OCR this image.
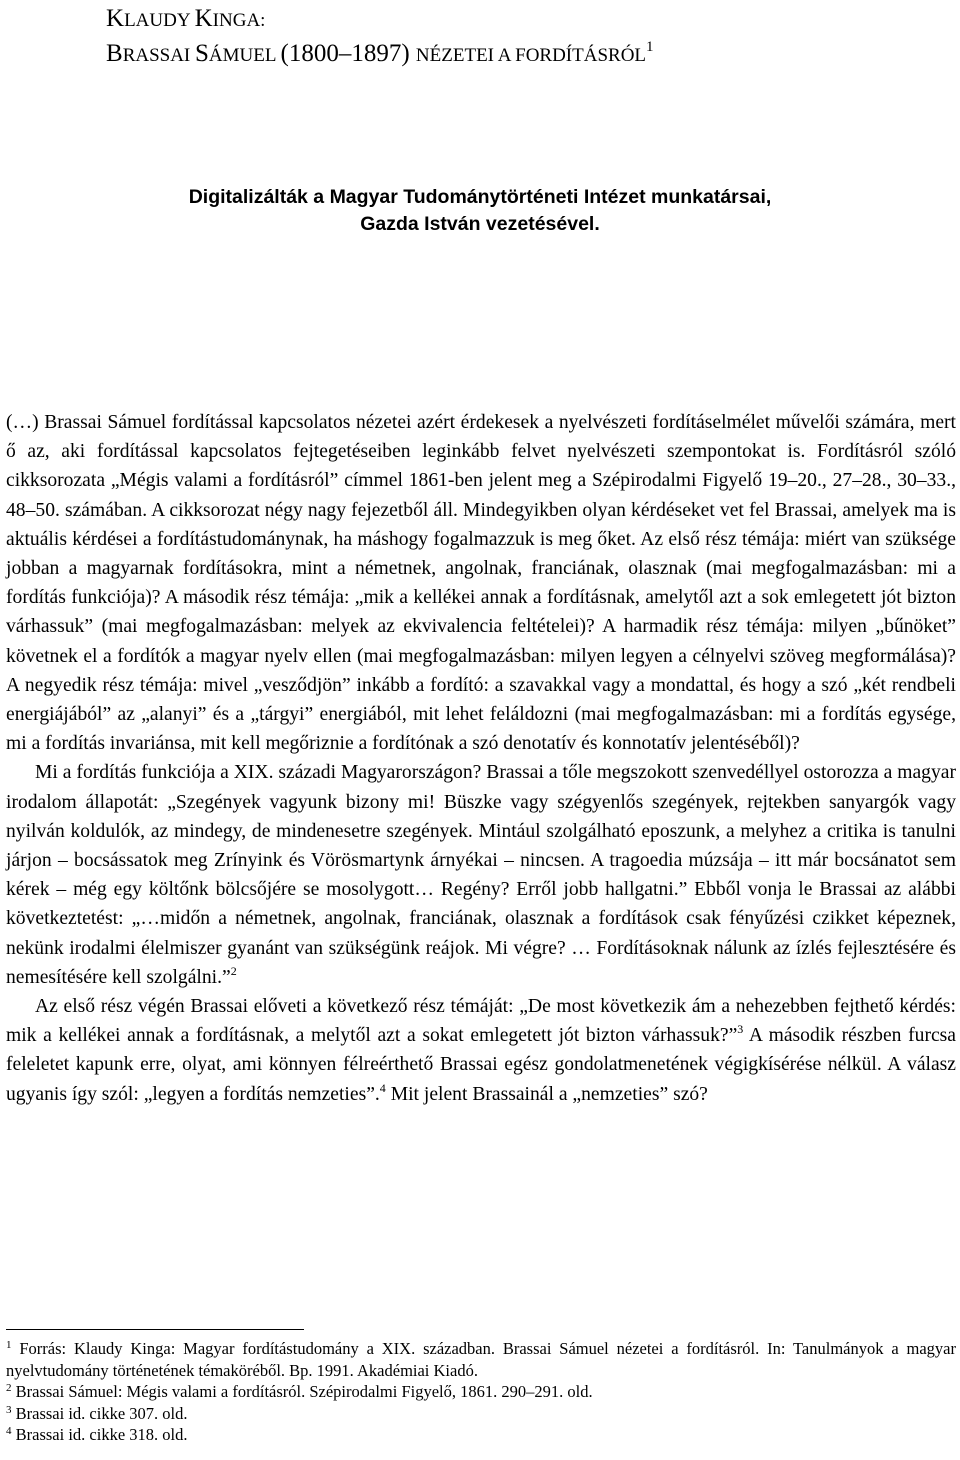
KLAUDY KINGA:
BRASSAI SÁMUEL (1800–1897) NÉZETEI A FORDÍTÁSRÓL$^1$
Digitalizálták a Magyar Tudománytörténeti Intézet munkatársai,
Gazda István vezetésével.

(…) Brassai Sámuel fordítással kapcsolatos nézetei azért érdekesek a nyelvészeti fordításelmélet művelői számára, mert ő az, aki fordítással kapcsolatos fejtegetéseiben leginkább felvet nyelvészeti szempontokat is. Fordításról szóló cikksorozata „Mégis valami a fordításról” címmel 1861-ben jelent meg a Szépirodalmi Figyelő 19–20., 27–28., 30–33., 48–50. számában. A cikksorozat négy nagy fejezetből áll. Mindegyikben olyan kérdéseket vet fel Brassai, amelyek ma is aktuális kérdései a fordítástudománynak, ha máshogy fogalmazzuk is meg őket. Az első rész témája: miért van szüksége jobban a magyarnak fordításokra, mint a németnek, angolnak, franciának, olasznak (mai megfogalmazásban: mi a fordítás funkciója)? A második rész témája: „mik a kellékei annak a fordításnak, amelytől azt a sok emlegetett jót bizton várhassuk” (mai megfogalmazásban: melyek az ekvivalencia feltételei)? A harmadik rész témája: milyen „bűnöket” követnek el a fordítók a magyar nyelv ellen (mai megfogalmazásban: milyen legyen a célnyelvi szöveg megformálása)? A negyedik rész témája: mivel „vesződjön” inkább a fordító: a szavakkal vagy a mondattal, és hogy a szó „két rendbeli energiájából” az „alanyi” és a „tárgyi” energiából, mit lehet feláldozni (mai megfogalmazásban: mi a fordítás egysége, mi a fordítás invariánsa, mit kell megőriznie a fordítónak a szó denotatív és konnotatív jelentéséből)?

Mi a fordítás funkciója a XIX. századi Magyarországon? Brassai a tőle megszokott szenvedéllyel ostorozza a magyar irodalom állapotát: „Szegények vagyunk bizony mi! Büszke vagy szégyenlős szegények, rejtekben sanyargók vagy nyilván koldulók, az mindegy, de mindenesetre szegények. Mintául szolgálható eposzunk, a melyhez a critika is tanulni járjon – bocsássatok meg Zrínyink és Vörösmartynk árnyékai – nincsen. A tragoedia múzsája – itt már bocsánatot sem kérek – még egy költőnk bölcsőjére se mosolygott… Regény? Erről jobb hallgatni.” Ebből vonja le Brassai az alábbi következtetést: „…midőn a németnek, angolnak, franciának, olasznak a fordítások csak fényűzési czikket képeznek, nekünk irodalmi élelmiszer gyanánt van szükségünk reájok. Mi végre? … Fordításoknak nálunk az ízlés fejlesztésére és nemesítésére kell szolgálni.”$^2$

Az első rész végén Brassai előveti a következő rész témáját: „De most következik ám a nehezebben fejthető kérdés: mik a kellékei annak a fordításnak, a melytől azt a sokat emlegetett jót bizton várhassuk?”$^3$ A második részben furcsa feleletet kapunk erre, olyat, ami könnyen félreérthető Brassai egész gondolatmenetének végigkísérése nélkül. A válasz ugyanis így szól: „legyen a fordítás nemzeties”.$^4$ Mit jelent Brassainál a „nemzeties” szó?

$^1$ Forrás: Klaudy Kinga: Magyar fordítástudomány a XIX. században. Brassai Sámuel nézetei a fordításról. In: Tanulmányok a magyar nyelvtudomány történetének témaköréből. Bp. 1991. Akadémiai Kiadó.

$^2$ Brassai Sámuel: Mégis valami a fordításról. Szépirodalmi Figyelő, 1861. 290–291. old.

$^3$ Brassai id. cikke 307. old.

$^4$ Brassai id. cikke 318. old.
